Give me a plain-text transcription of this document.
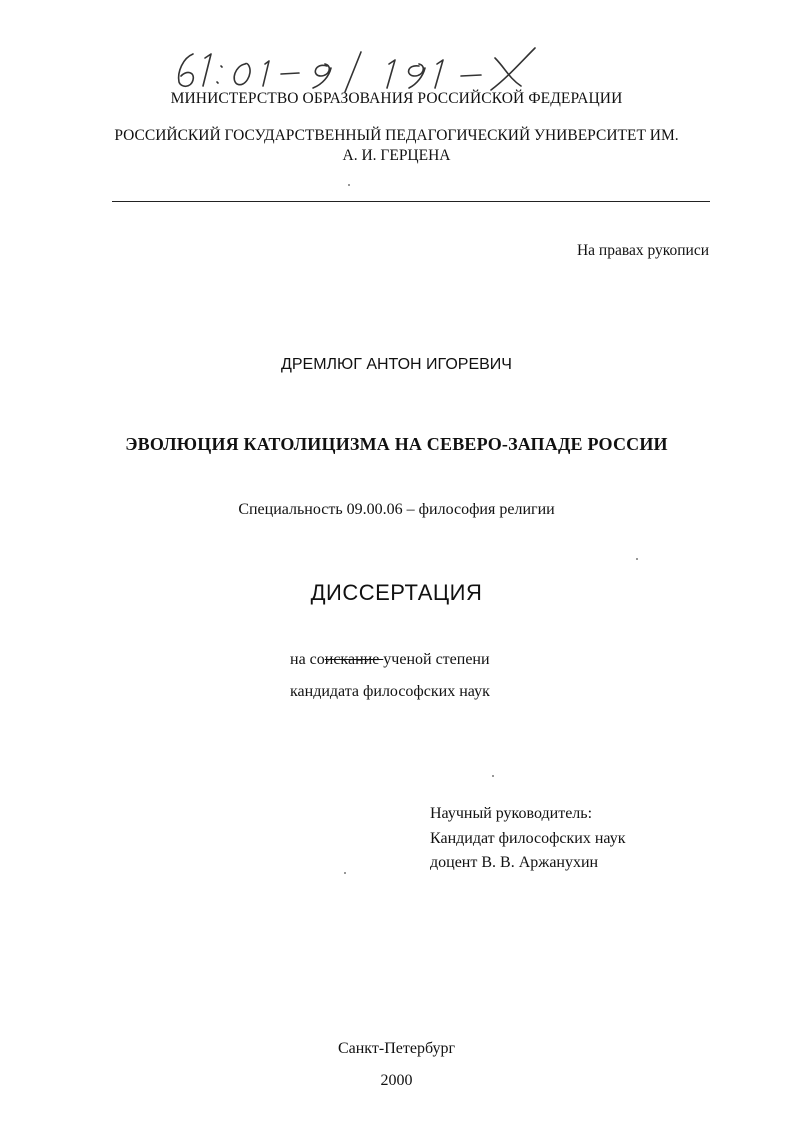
МИНИСТЕРСТВО ОБРАЗОВАНИЯ РОССИЙСКОЙ ФЕДЕРАЦИИ
РОССИЙСКИЙ ГОСУДАРСТВЕННЫЙ ПЕДАГОГИЧЕСКИЙ УНИВЕРСИТЕТ ИМ.
А. И. ГЕРЦЕНА
На правах рукописи
ДРЕМЛЮГ АНТОН ИГОРЕВИЧ
ЭВОЛЮЦИЯ КАТОЛИЦИЗМА НА СЕВЕРО-ЗАПАДЕ РОССИИ
Специальность 09.00.06 – философия религии
ДИССЕРТАЦИЯ
на соискание ученой степени
кандидата философских наук
Научный руководитель:
Кандидат философских наук
доцент В. В. Аржанухин
Санкт-Петербург
2000
